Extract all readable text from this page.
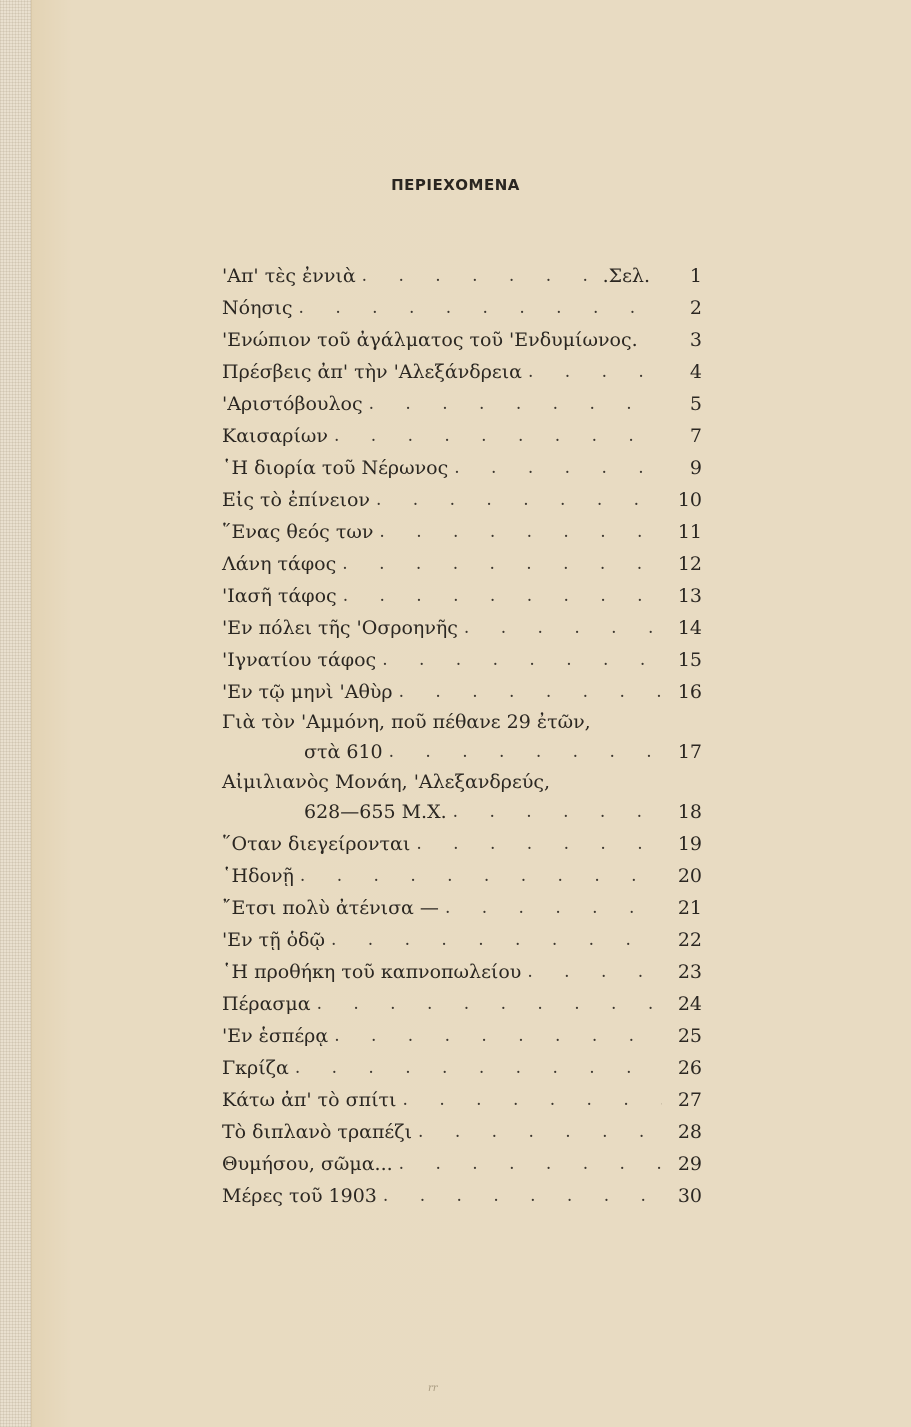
ΠΕΡΙΕΧΟΜΕΝΑ
'Απ' τὲς ἐννιὰ . . .	.Σελ.	1
Νόησις . . .	2
'Ενώπιον τοῦ ἀγάλματος τοῦ 'Ενδυμίωνος.	3
Πρέσβεις ἀπ' τὴν 'Αλεξάνδρεια . . .	4
'Αριστόβουλος . . .	5
Καισαρίων . . .	7
῾Η διορία τοῦ Νέρωνος . . .	9
Εἰς τὸ ἐπίνειον . . .	10
῞Ενας θεός των . . .	11
Λάνη τάφος . . .	12
'Ιασῆ τάφος . . .	13
'Εν πόλει τῆς 'Οσροηνῆς . . .	14
'Ιγνατίου τάφος . . .	15
'Εν τῷ μηνὶ 'Αθὺρ . . .	16
Γιὰ τὸν 'Αμμόνη, ποῦ πέθανε 29 ἐτῶν,
στὰ 610 . . .	17
Αἰμιλιανὸς Μονάη, 'Αλεξανδρεύς,
628—655 Μ.Χ. . . .	18
῞Οταν διεγείρονται . . .	19
῾Ηδονῇ . . .	20
῎Ετσι πολὺ ἀτένισα — . . .	21
'Εν τῇ ὁδῷ . . .	22
῾Η προθήκη τοῦ καπνοπωλείου . . .	23
Πέρασμα . . .	24
'Εν ἑσπέρᾳ . . .	25
Γκρίζα . . .	26
Κάτω ἀπ' τὸ σπίτι . . .	27
Τὸ διπλανὸ τραπέζι . . .	28
Θυμήσου, σῶμα... . . .	29
Μέρες τοῦ 1903 . . .	30
rr
